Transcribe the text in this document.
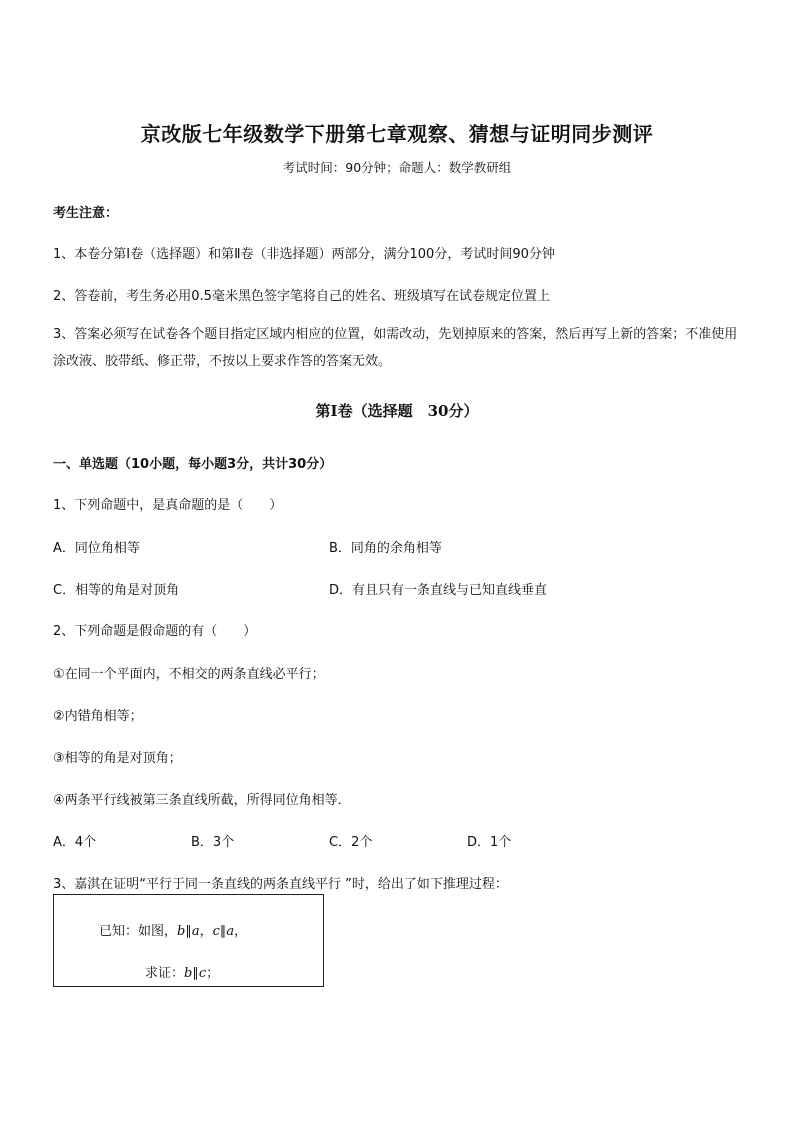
京改版七年级数学下册第七章观察、猜想与证明同步测评
考试时间：90分钟；命题人：数学教研组
考生注意：
1、本卷分第Ⅰ卷（选择题）和第Ⅱ卷（非选择题）两部分，满分100分，考试时间90分钟
2、答卷前，考生务必用0.5毫米黑色签字笔将自己的姓名、班级填写在试卷规定位置上
3、答案必须写在试卷各个题目指定区域内相应的位置，如需改动，先划掉原来的答案，然后再写上新的答案；不准使用涂改液、胶带纸、修正带，不按以上要求作答的答案无效。
第Ⅰ卷（选择题　30分）
一、单选题（10小题，每小题3分，共计30分）
1、下列命题中，是真命题的是（　　）
A．同位角相等	B．同角的余角相等
C．相等的角是对顶角	D．有且只有一条直线与已知直线垂直
2、下列命题是假命题的有（　　）
①在同一个平面内，不相交的两条直线必平行；
②内错角相等；
③相等的角是对顶角；
④两条平行线被第三条直线所截，所得同位角相等．
A．4个	B．3个	C．2个	D．1个
3、嘉淇在证明“平行于同一条直线的两条直线平行 ”时，给出了如下推理过程：
已知：如图，b∥a，c∥a，
求证：b∥c；
